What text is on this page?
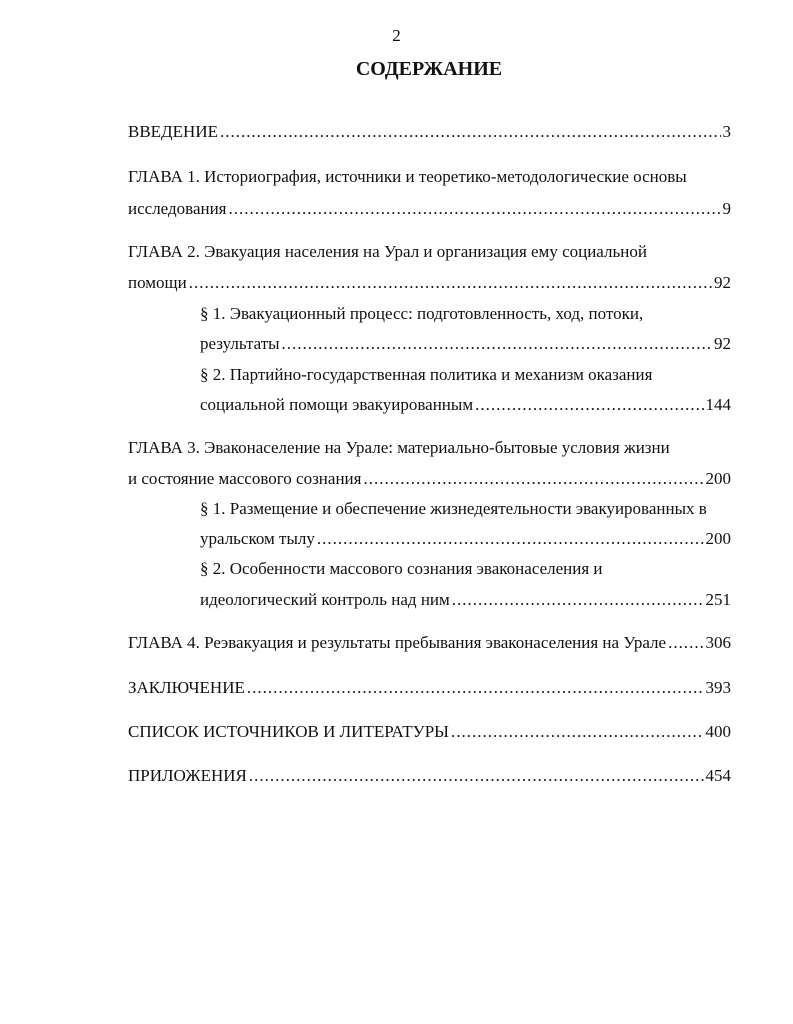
2
СОДЕРЖАНИЕ
ВВЕДЕНИЕ .....	3
ГЛАВА 1. Историография, источники и теоретико-методологические основы
исследования .....	9
ГЛАВА 2. Эвакуация населения на Урал и организация ему социальной
помощи .....	92
§ 1. Эвакуационный процесс: подготовленность, ход, потоки,
результаты .....	92
§ 2. Партийно-государственная политика и механизм оказания
социальной помощи эвакуированным .....	144
ГЛАВА 3. Эваконаселение на Урале: материально-бытовые условия жизни
и состояние массового сознания .....	200
§ 1. Размещение и обеспечение жизнедеятельности эвакуированных в
уральском тылу .....	200
§ 2. Особенности массового сознания эваконаселения и
идеологический контроль над ним .....	251
ГЛАВА 4. Реэвакуация и результаты пребывания эваконаселения на Урале ..... 306
ЗАКЛЮЧЕНИЕ .....	393
СПИСОК ИСТОЧНИКОВ И ЛИТЕРАТУРЫ .....	400
ПРИЛОЖЕНИЯ .....	454
